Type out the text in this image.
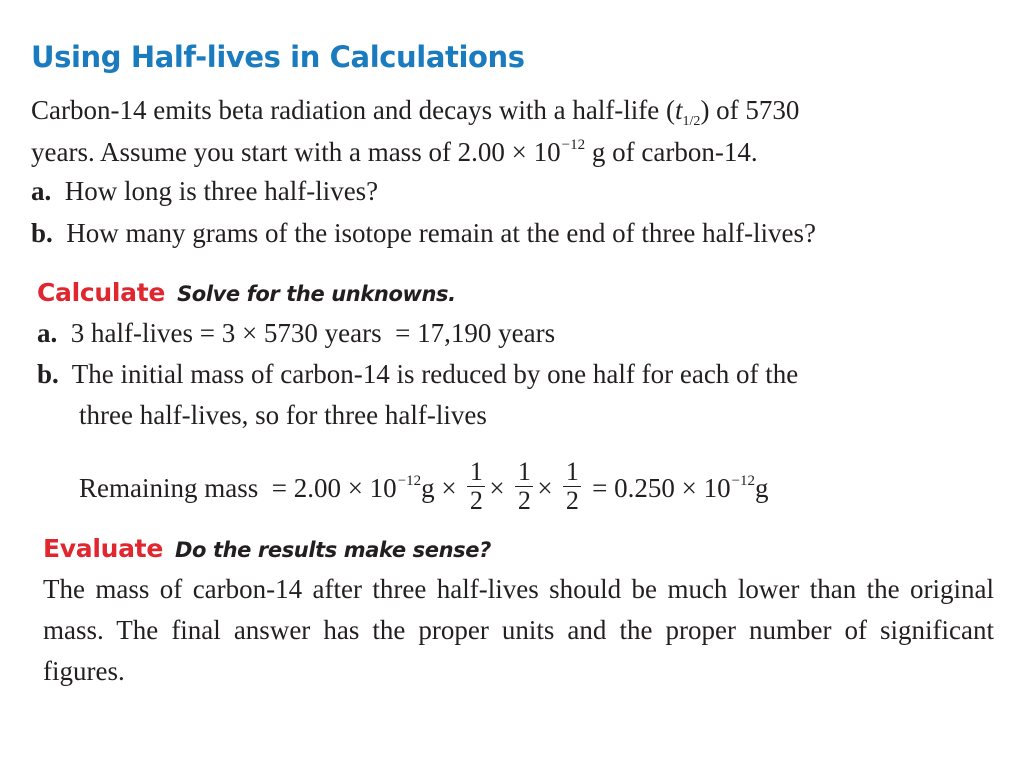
Using Half-lives in Calculations
Carbon-14 emits beta radiation and decays with a half-life $(t_{1/2})$ of 5730
years. Assume you start with a mass of $2.00 \times 10^{-12}$ g of carbon-14.
a. How long is three half-lives?
b. How many grams of the isotope remain at the end of three half-lives?
Calculate Solve for the unknowns.
a. 3 half-lives = 3 × 5730 years  = 17,190 years
b. The initial mass of carbon-14 is reduced by one half for each of the
three half-lives, so for three half-lives
Remaining mass  = $2.00 \times 10^{-12}g \times \frac{1}{2} \times \frac{1}{2} \times \frac{1}{2} = 0.250 \times 10^{-12}g$
Evaluate Do the results make sense?
The mass of carbon-14 after three half-lives should be much lower than the original mass. The final answer has the proper units and the proper number of significant figures.
